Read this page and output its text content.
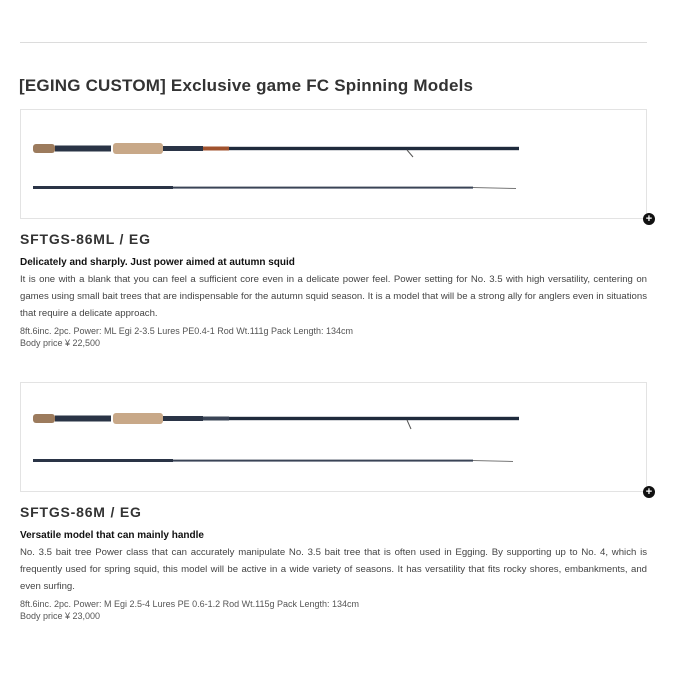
[EGING CUSTOM] Exclusive game FC Spinning Models
+
SFTGS-86ML / EG
Delicately and sharply. Just power aimed at autumn squid
It is one with a blank that you can feel a sufficient core even in a delicate power feel. Power setting for No. 3.5 with high versatility, centering on games using small bait trees that are indispensable for the autumn squid season. It is a model that will be a strong ally for anglers even in situations that require a delicate approach.
8ft.6inc. 2pc. Power: ML Egi 2-3.5 Lures PE0.4-1 Rod Wt.111g Pack Length: 134cm
Body price ¥ 22,500
+
SFTGS-86M / EG
Versatile model that can mainly handle
No. 3.5 bait tree Power class that can accurately manipulate No. 3.5 bait tree that is often used in Egging. By supporting up to No. 4, which is frequently used for spring squid, this model will be active in a wide variety of seasons. It has versatility that fits rocky shores, embankments, and even surfing.
8ft.6inc. 2pc. Power: M Egi 2.5-4 Lures PE 0.6-1.2 Rod Wt.115g Pack Length: 134cm
Body price ¥ 23,000
